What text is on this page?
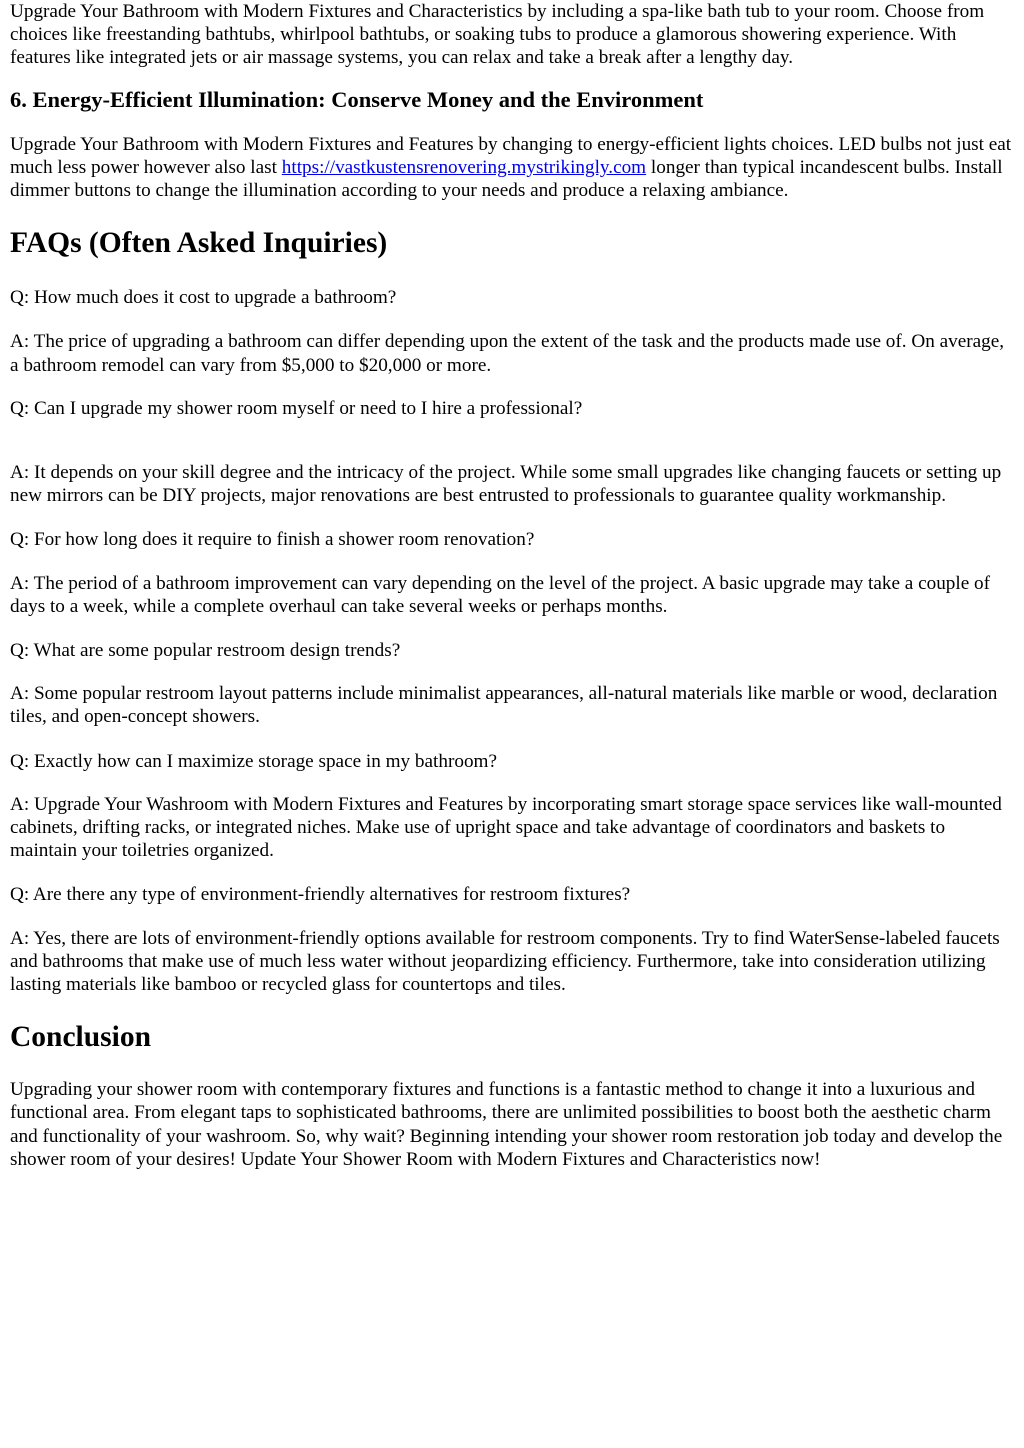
Upgrade Your Bathroom with Modern Fixtures and Characteristics by including a spa-like bath tub to your room. Choose from choices like freestanding bathtubs, whirlpool bathtubs, or soaking tubs to produce a glamorous showering experience. With features like integrated jets or air massage systems, you can relax and take a break after a lengthy day.

6. Energy-Efficient Illumination: Conserve Money and the Environment

Upgrade Your Bathroom with Modern Fixtures and Features by changing to energy-efficient lights choices. LED bulbs not just eat much less power however also last https://vastkustensrenovering.mystrikingly.com longer than typical incandescent bulbs. Install dimmer buttons to change the illumination according to your needs and produce a relaxing ambiance.

FAQs (Often Asked Inquiries)

Q: How much does it cost to upgrade a bathroom?

A: The price of upgrading a bathroom can differ depending upon the extent of the task and the products made use of. On average, a bathroom remodel can vary from $5,000 to $20,000 or more.

Q: Can I upgrade my shower room myself or need to I hire a professional?

A: It depends on your skill degree and the intricacy of the project. While some small upgrades like changing faucets or setting up new mirrors can be DIY projects, major renovations are best entrusted to professionals to guarantee quality workmanship.

Q: For how long does it require to finish a shower room renovation?

A: The period of a bathroom improvement can vary depending on the level of the project. A basic upgrade may take a couple of days to a week, while a complete overhaul can take several weeks or perhaps months.

Q: What are some popular restroom design trends?

A: Some popular restroom layout patterns include minimalist appearances, all-natural materials like marble or wood, declaration tiles, and open-concept showers.

Q: Exactly how can I maximize storage space in my bathroom?

A: Upgrade Your Washroom with Modern Fixtures and Features by incorporating smart storage space services like wall-mounted cabinets, drifting racks, or integrated niches. Make use of upright space and take advantage of coordinators and baskets to maintain your toiletries organized.

Q: Are there any type of environment-friendly alternatives for restroom fixtures?

A: Yes, there are lots of environment-friendly options available for restroom components. Try to find WaterSense-labeled faucets and bathrooms that make use of much less water without jeopardizing efficiency. Furthermore, take into consideration utilizing lasting materials like bamboo or recycled glass for countertops and tiles.

Conclusion

Upgrading your shower room with contemporary fixtures and functions is a fantastic method to change it into a luxurious and functional area. From elegant taps to sophisticated bathrooms, there are unlimited possibilities to boost both the aesthetic charm and functionality of your washroom. So, why wait? Beginning intending your shower room restoration job today and develop the shower room of your desires! Update Your Shower Room with Modern Fixtures and Characteristics now!
